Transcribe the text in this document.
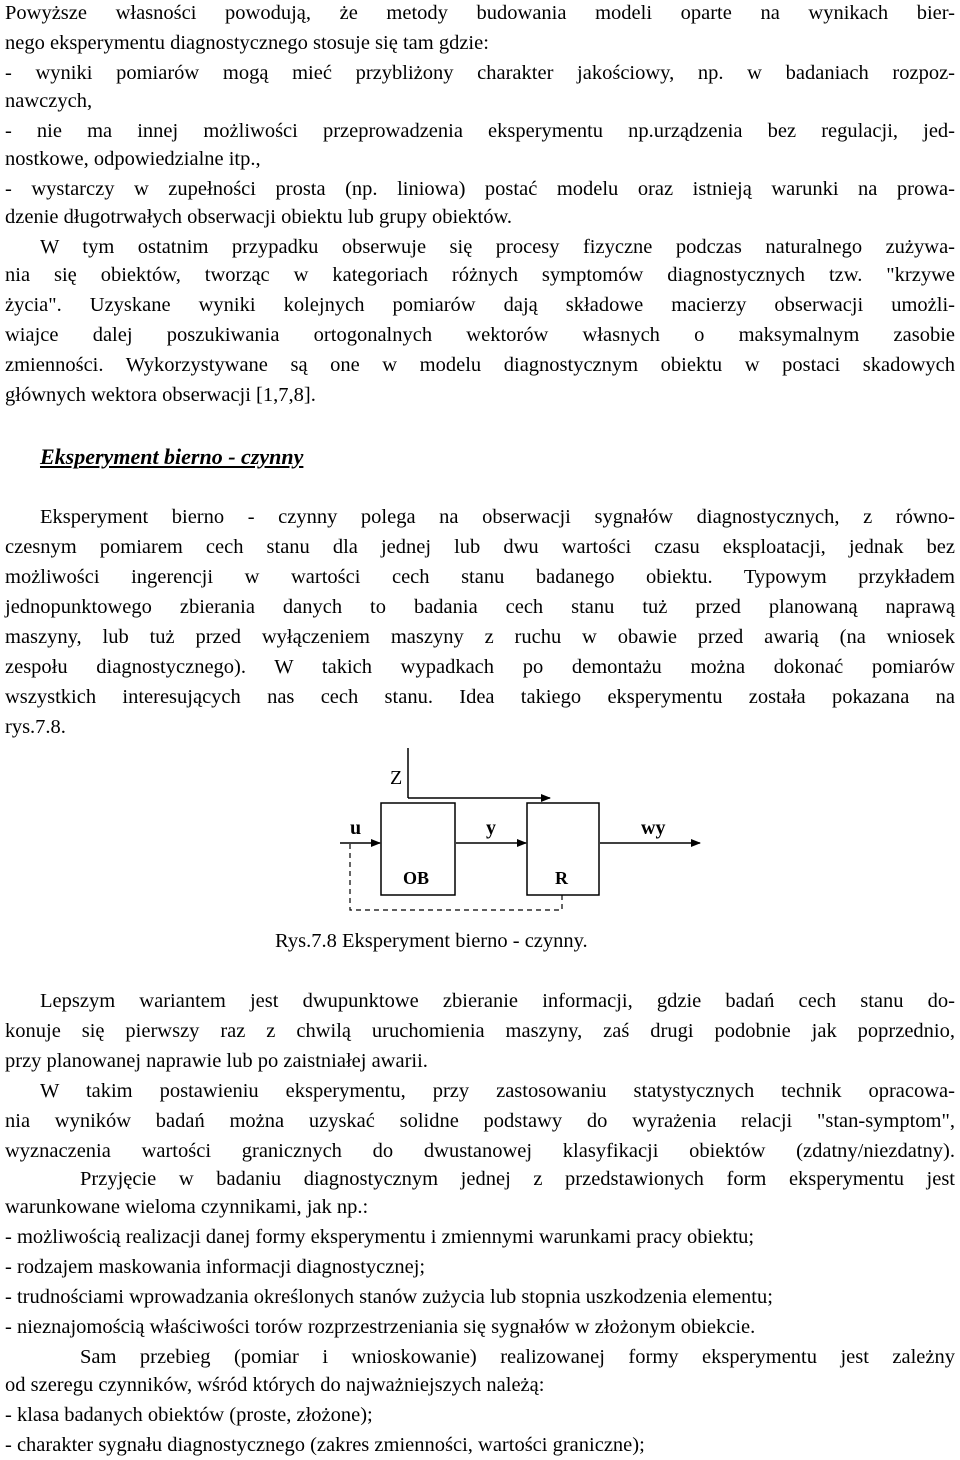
Powyższe własności powodują, że metody budowania modeli oparte na wynikach bier-
nego eksperymentu diagnostycznego stosuje się tam gdzie:
- wyniki pomiarów mogą mieć przybliżony charakter jakościowy, np. w badaniach rozpoz-
nawczych,
- nie ma innej możliwości przeprowadzenia eksperymentu np.urządzenia bez regulacji, jed-
nostkowe, odpowiedzialne itp.,
- wystarczy w zupełności prosta (np. liniowa) postać modelu oraz istnieją warunki na prowa-
dzenie długotrwałych obserwacji obiektu lub grupy obiektów.
W tym ostatnim przypadku obserwuje się procesy fizyczne podczas naturalnego zużywa-
nia się obiektów, tworząc w kategoriach różnych symptomów diagnostycznych tzw. "krzywe
życia". Uzyskane wyniki kolejnych pomiarów dają składowe macierzy obserwacji umożli-
wiajce dalej poszukiwania ortogonalnych wektorów własnych o maksymalnym zasobie
zmienności. Wykorzystywane są one w modelu diagnostycznym obiektu w postaci skadowych
głównych wektora obserwacji [1,7,8].
Eksperyment bierno - czynny
Eksperyment bierno - czynny polega na obserwacji sygnałów diagnostycznych, z równo-
czesnym pomiarem cech stanu dla jednej lub dwu wartości czasu eksploatacji, jednak bez
możliwości ingerencji w wartości cech stanu badanego obiektu. Typowym przykładem
jednopunktowego zbierania danych to badania cech stanu tuż przed planowaną naprawą
maszyny, lub tuż przed wyłączeniem maszyny z ruchu w obawie przed awarią (na wniosek
zespołu diagnostycznego). W takich wypadkach po demontażu można dokonać pomiarów
wszystkich interesujących nas cech stanu. Idea takiego eksperymentu została pokazana na
rys.7.8.
Z
u
OB
y
R
wy
Rys.7.8 Eksperyment bierno - czynny.
Lepszym wariantem jest dwupunktowe zbieranie informacji, gdzie badań cech stanu do-
konuje się pierwszy raz z chwilą uruchomienia maszyny, zaś drugi podobnie jak poprzednio,
przy planowanej naprawie lub po zaistniałej awarii.
W takim postawieniu eksperymentu, przy zastosowaniu statystycznych technik opracowa-
nia wyników badań można uzyskać solidne podstawy do wyrażenia relacji "stan-symptom",
wyznaczenia wartości granicznych do dwustanowej klasyfikacji obiektów (zdatny/niezdatny).
Przyjęcie w badaniu diagnostycznym jednej z przedstawionych form eksperymentu jest
warunkowane wieloma czynnikami, jak np.:
- możliwością realizacji danej formy eksperymentu i zmiennymi warunkami pracy obiektu;
- rodzajem maskowania informacji diagnostycznej;
- trudnościami wprowadzania określonych stanów zużycia lub stopnia uszkodzenia elementu;
- nieznajomością właściwości torów rozprzestrzeniania się sygnałów w złożonym obiekcie.
Sam przebieg (pomiar i wnioskowanie) realizowanej formy eksperymentu jest zależny
od szeregu czynników, wśród których do najważniejszych należą:
- klasa badanych obiektów (proste, złożone);
- charakter sygnału diagnostycznego (zakres zmienności, wartości graniczne);
